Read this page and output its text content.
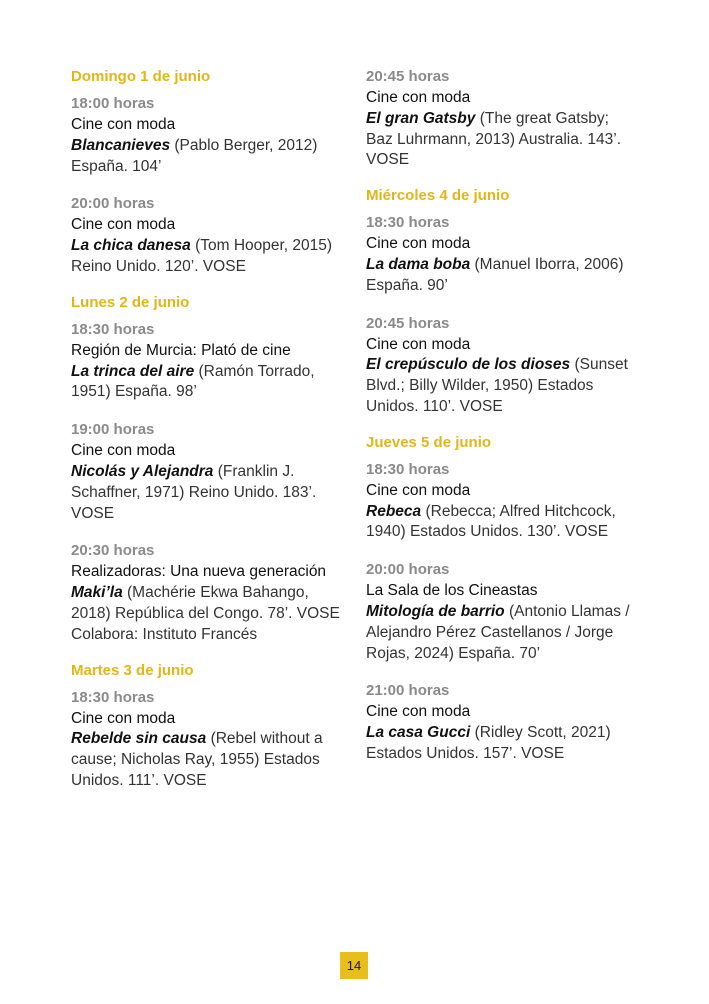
Domingo 1 de junio
18:00 horas
Cine con moda
Blancanieves (Pablo Berger, 2012) España. 104’
20:00 horas
Cine con moda
La chica danesa (Tom Hooper, 2015) Reino Unido. 120’. VOSE
Lunes 2 de junio
18:30 horas
Región de Murcia: Plató de cine
La trinca del aire (Ramón Torrado, 1951) España. 98’
19:00 horas
Cine con moda
Nicolás y Alejandra (Franklin J. Schaffner, 1971) Reino Unido. 183’. VOSE
20:30 horas
Realizadoras: Una nueva generación
Maki’la (Machérie Ekwa Bahango, 2018) República del Congo. 78’. VOSE
Colabora: Instituto Francés
Martes 3 de junio
18:30 horas
Cine con moda
Rebelde sin causa (Rebel without a cause; Nicholas Ray, 1955) Estados Unidos. 111’. VOSE
20:45 horas
Cine con moda
El gran Gatsby (The great Gatsby; Baz Luhrmann, 2013) Australia. 143’. VOSE
Miércoles 4 de junio
18:30 horas
Cine con moda
La dama boba (Manuel Iborra, 2006) España. 90’
20:45 horas
Cine con moda
El crepúsculo de los dioses (Sunset Blvd.; Billy Wilder, 1950) Estados Unidos. 110’. VOSE
Jueves 5 de junio
18:30 horas
Cine con moda
Rebeca (Rebecca; Alfred Hitchcock, 1940) Estados Unidos. 130’. VOSE
20:00 horas
La Sala de los Cineastas
Mitología de barrio (Antonio Llamas / Alejandro Pérez Castellanos / Jorge Rojas, 2024) España. 70’
21:00 horas
Cine con moda
La casa Gucci (Ridley Scott, 2021) Estados Unidos. 157’. VOSE
14
